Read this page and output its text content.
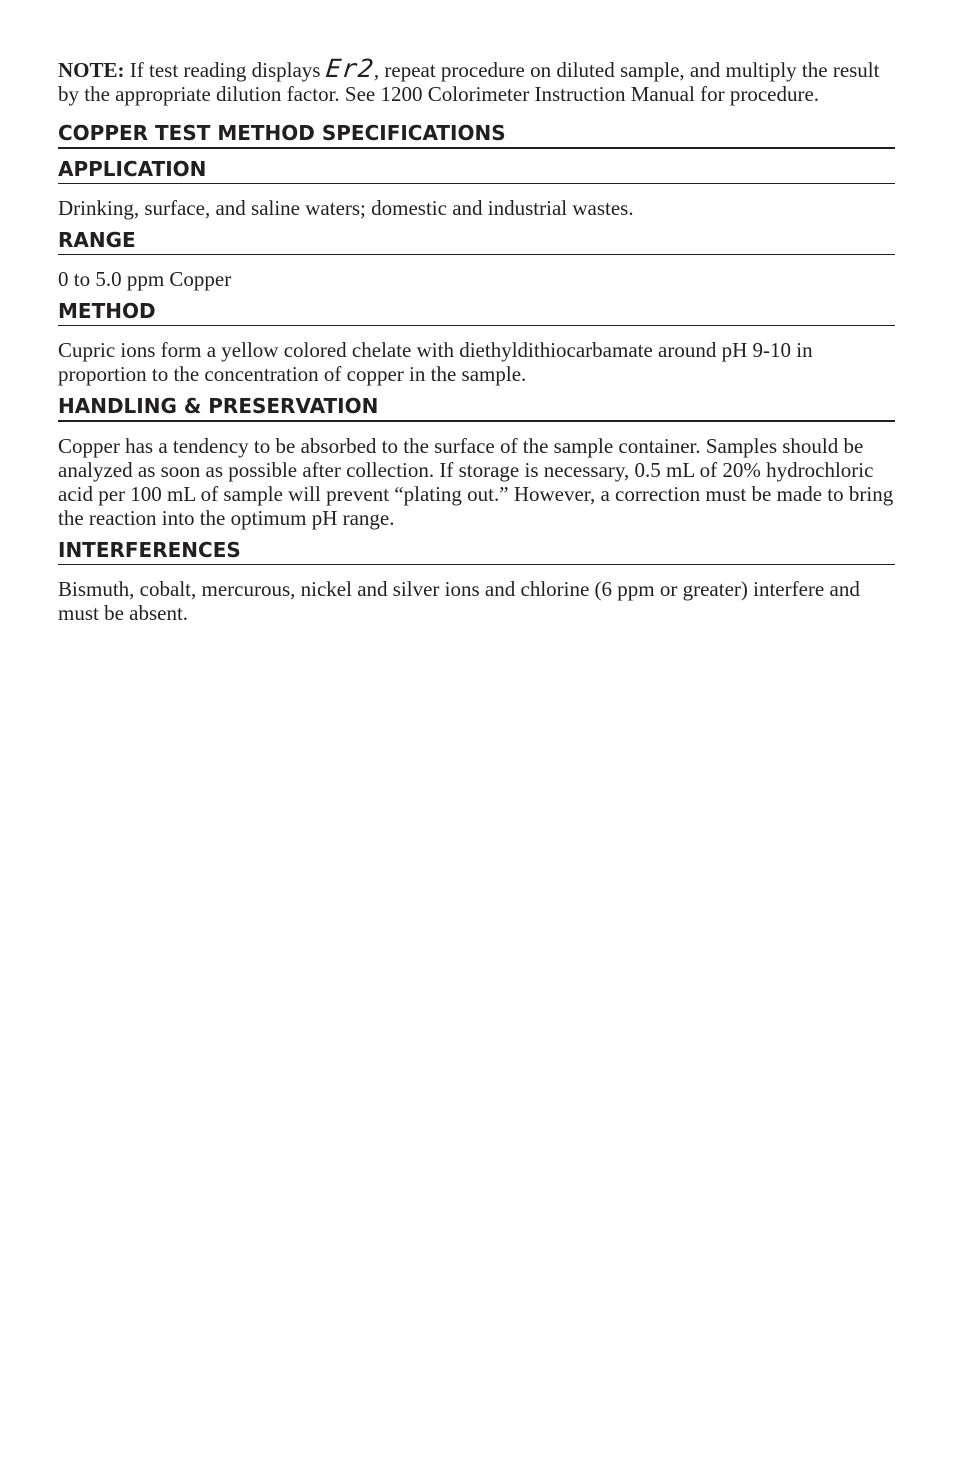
NOTE: If test reading displays Er2, repeat procedure on diluted sample, and multiply the result by the appropriate dilution factor. See 1200 Colorimeter Instruction Manual for procedure.

COPPER TEST METHOD SPECIFICATIONS
APPLICATION

Drinking, surface, and saline waters; domestic and industrial wastes.

RANGE

0 to 5.0 ppm Copper

METHOD

Cupric ions form a yellow colored chelate with diethyldithiocarbamate around pH 9-10 in proportion to the concentration of copper in the sample.

HANDLING & PRESERVATION

Copper has a tendency to be absorbed to the surface of the sample container. Samples should be analyzed as soon as possible after collection. If storage is necessary, 0.5 mL of 20% hydrochloric acid per 100 mL of sample will prevent “plating out.” However, a correction must be made to bring the reaction into the optimum pH range.

INTERFERENCES

Bismuth, cobalt, mercurous, nickel and silver ions and chlorine (6 ppm or greater) interfere and must be absent.
